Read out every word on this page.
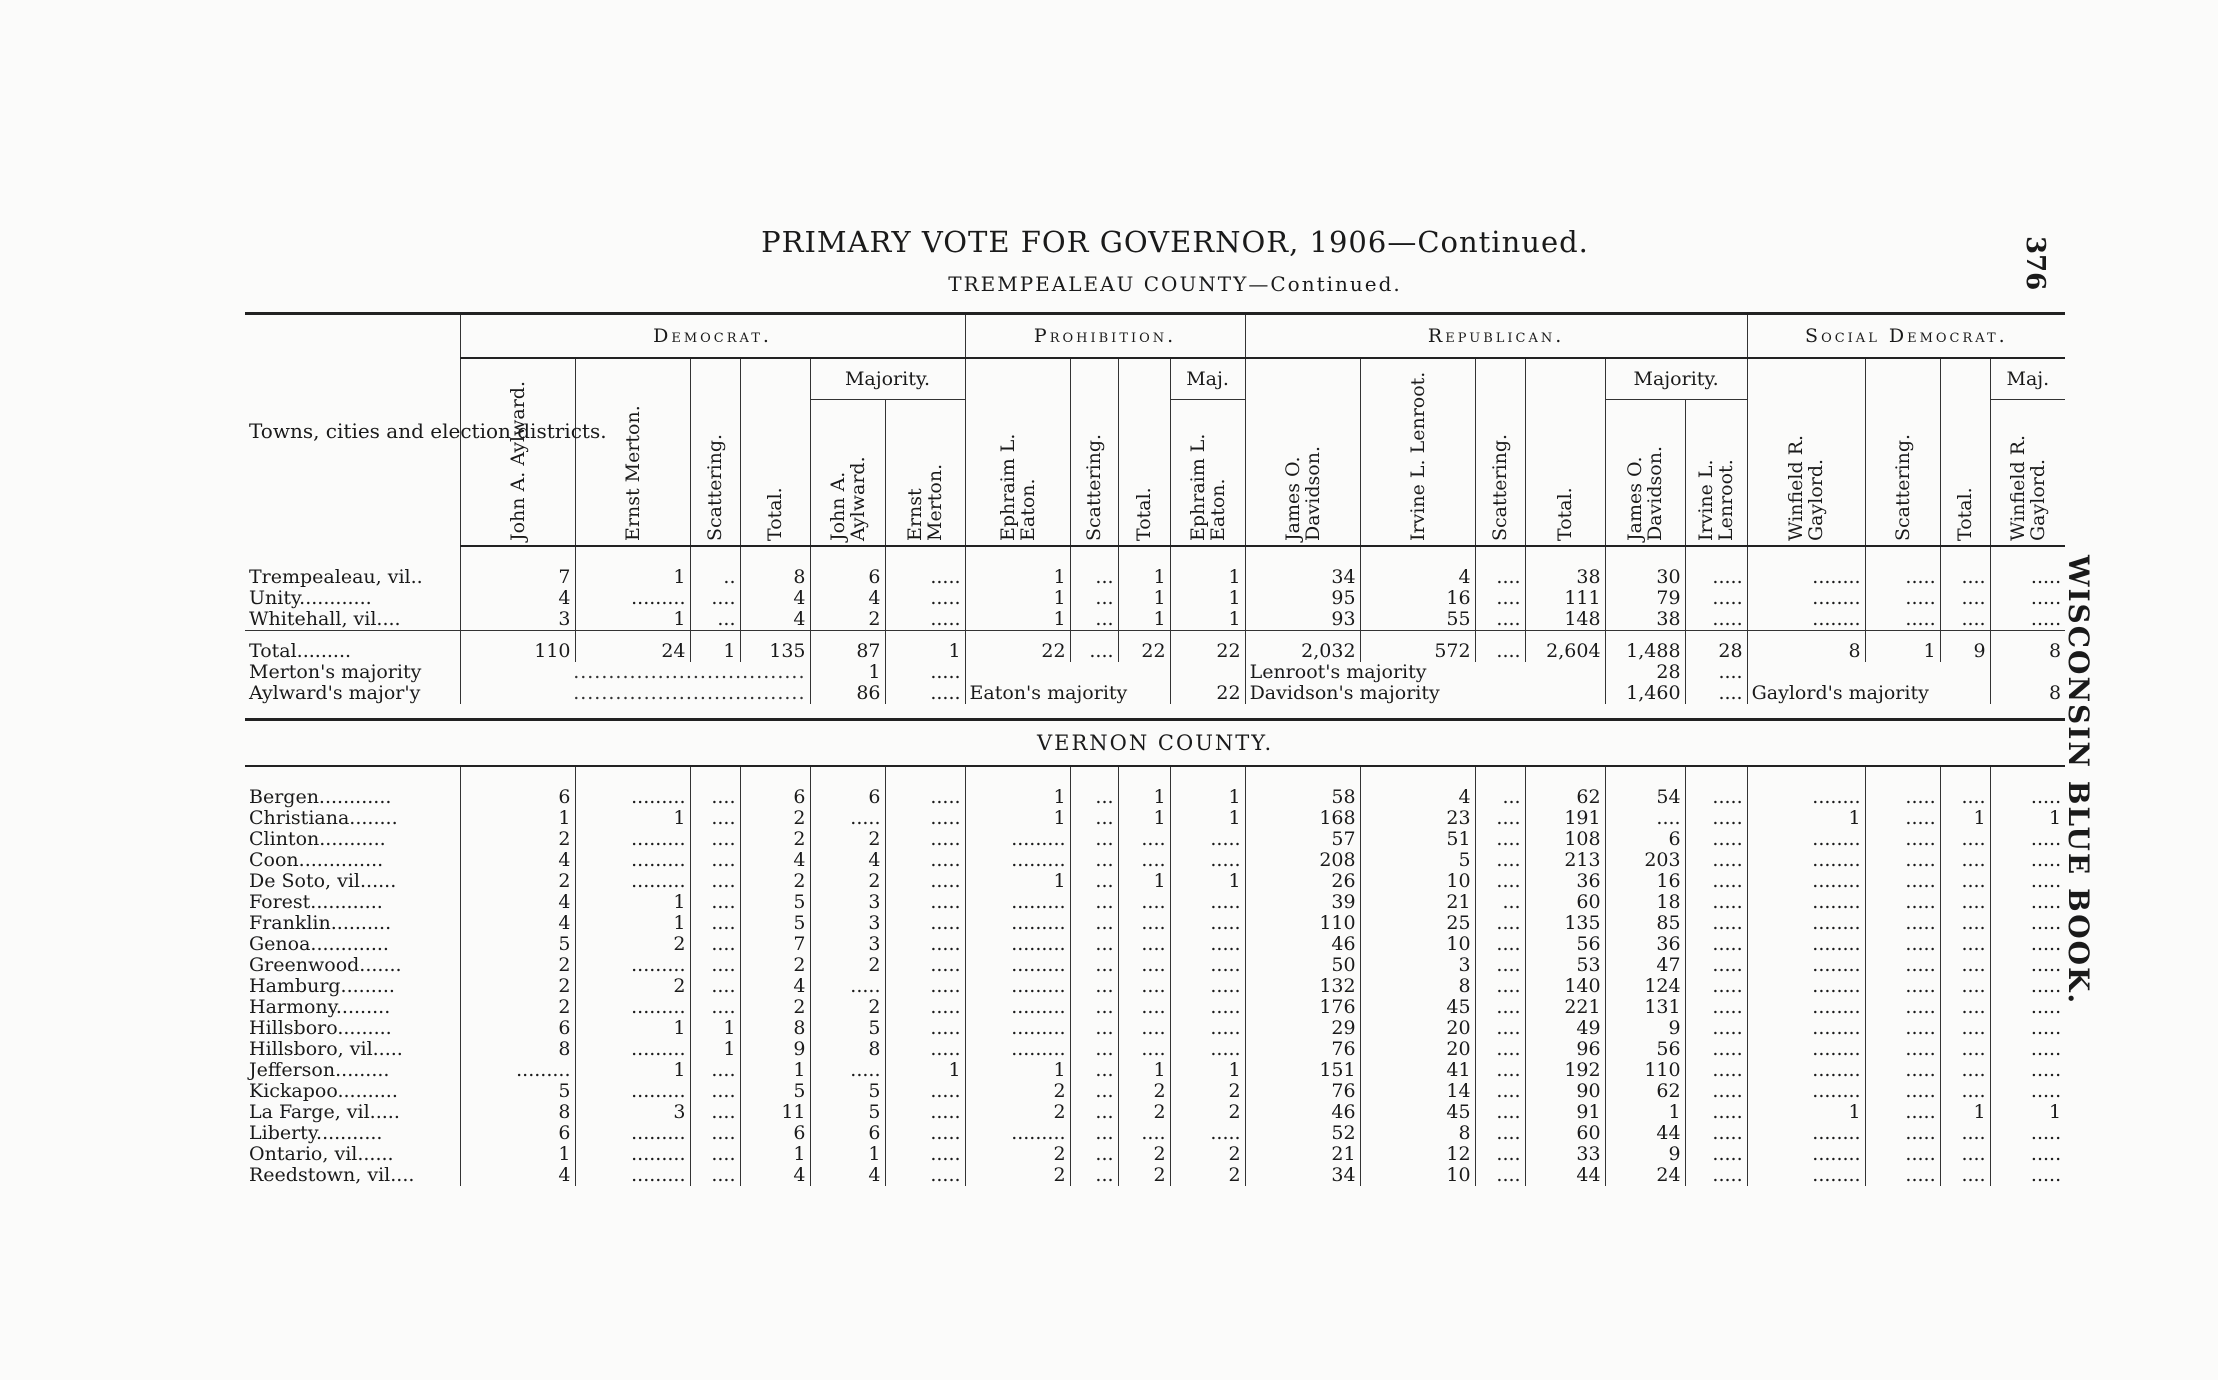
PRIMARY VOTE FOR GOVERNOR, 1906—Continued.
TREMPEALEAU COUNTY—Continued.	376
WISCONSIN BLUE BOOK.
Towns, cities and election districts.	Democrat.						Prohibition.				Republican.						Social Democrat.			

	John A. Aylward.	Ernst Merton.	Scattering.	Total.	Majority.		Ephraim L. Eaton.	Scattering.	Total.	Maj.	James O. Davidson.	Irvine L. Lenroot.	Scattering.	Total.	Majority.		Winfield R. Gaylord.	Scattering.	Total.	Maj.

					John A. Aylward.	Ernst Merton.				Ephraim L. Eaton.					James O. Davidson.	Irvine L. Lenroot.				Winfield R. Gaylord.

Trempealeau, vil..	7	1	..	8	6	.....	1	...	1	1	34	4	....	38	30	.....	........	.....	....	.....
Unity............	4	.........	....	4	4	.....	1	...	1	1	95	16	....	111	79	.....	........	.....	....	.....
Whitehall, vil....	3	1	...	4	2	.....	1	...	1	1	93	55	....	148	38	.....	........	.....	....	.....
Total.........	110	24	1	135	87	1	22	....	22	22	2,032	572	....	2,604	1,488	28	8	1	9	8
Merton's majority	.................................				1	.....					Lenroot's majority				28	....				
Aylward's major'y	.................................				86	.....	Eaton's majority			22	Davidson's majority				1,460	....	Gaylord's majority			8

VERNON COUNTY.																				
Bergen............	6	.........	....	6	6	.....	1	...	1	1	58	4	...	62	54	.....	........	.....	....	.....
Christiana........	1	1	....	2	.....	.....	1	...	1	1	168	23	....	191	....	.....	1	.....	1	1
Clinton...........	2	.........	....	2	2	.....	.........	...	....	.....	57	51	....	108	6	.....	........	.....	....	.....
Coon..............	4	.........	....	4	4	.....	.........	...	....	.....	208	5	....	213	203	.....	........	.....	....	.....
De Soto, vil......	2	.........	....	2	2	.....	1	...	1	1	26	10	....	36	16	.....	........	.....	....	.....
Forest............	4	1	....	5	3	.....	.........	...	....	.....	39	21	...	60	18	.....	........	.....	....	.....
Franklin..........	4	1	....	5	3	.....	.........	...	....	.....	110	25	....	135	85	.....	........	.....	....	.....
Genoa.............	5	2	....	7	3	.....	.........	...	....	.....	46	10	....	56	36	.....	........	.....	....	.....
Greenwood.......	2	.........	....	2	2	.....	.........	...	....	.....	50	3	....	53	47	.....	........	.....	....	.....
Hamburg.........	2	2	....	4	.....	.....	.........	...	....	.....	132	8	....	140	124	.....	........	.....	....	.....
Harmony.........	2	.........	....	2	2	.....	.........	...	....	.....	176	45	....	221	131	.....	........	.....	....	.....
Hillsboro.........	6	1	1	8	5	.....	.........	...	....	.....	29	20	....	49	9	.....	........	.....	....	.....
Hillsboro, vil.....	8	.........	1	9	8	.....	.........	...	....	.....	76	20	....	96	56	.....	........	.....	....	.....
Jefferson.........	.........	1	....	1	.....	1	1	...	1	1	151	41	....	192	110	.....	........	.....	....	.....
Kickapoo..........	5	.........	....	5	5	.....	2	...	2	2	76	14	....	90	62	.....	........	.....	....	.....
La Farge, vil.....	8	3	....	11	5	.....	2	...	2	2	46	45	....	91	1	.....	1	.....	1	1
Liberty...........	6	.........	....	6	6	.....	.........	...	....	.....	52	8	....	60	44	.....	........	.....	....	.....
Ontario, vil......	1	.........	....	1	1	.....	2	...	2	2	21	12	....	33	9	.....	........	.....	....	.....
Reedstown, vil....	4	.........	....	4	4	.....	2	...	2	2	34	10	....	44	24	.....	........	.....	....	.....
